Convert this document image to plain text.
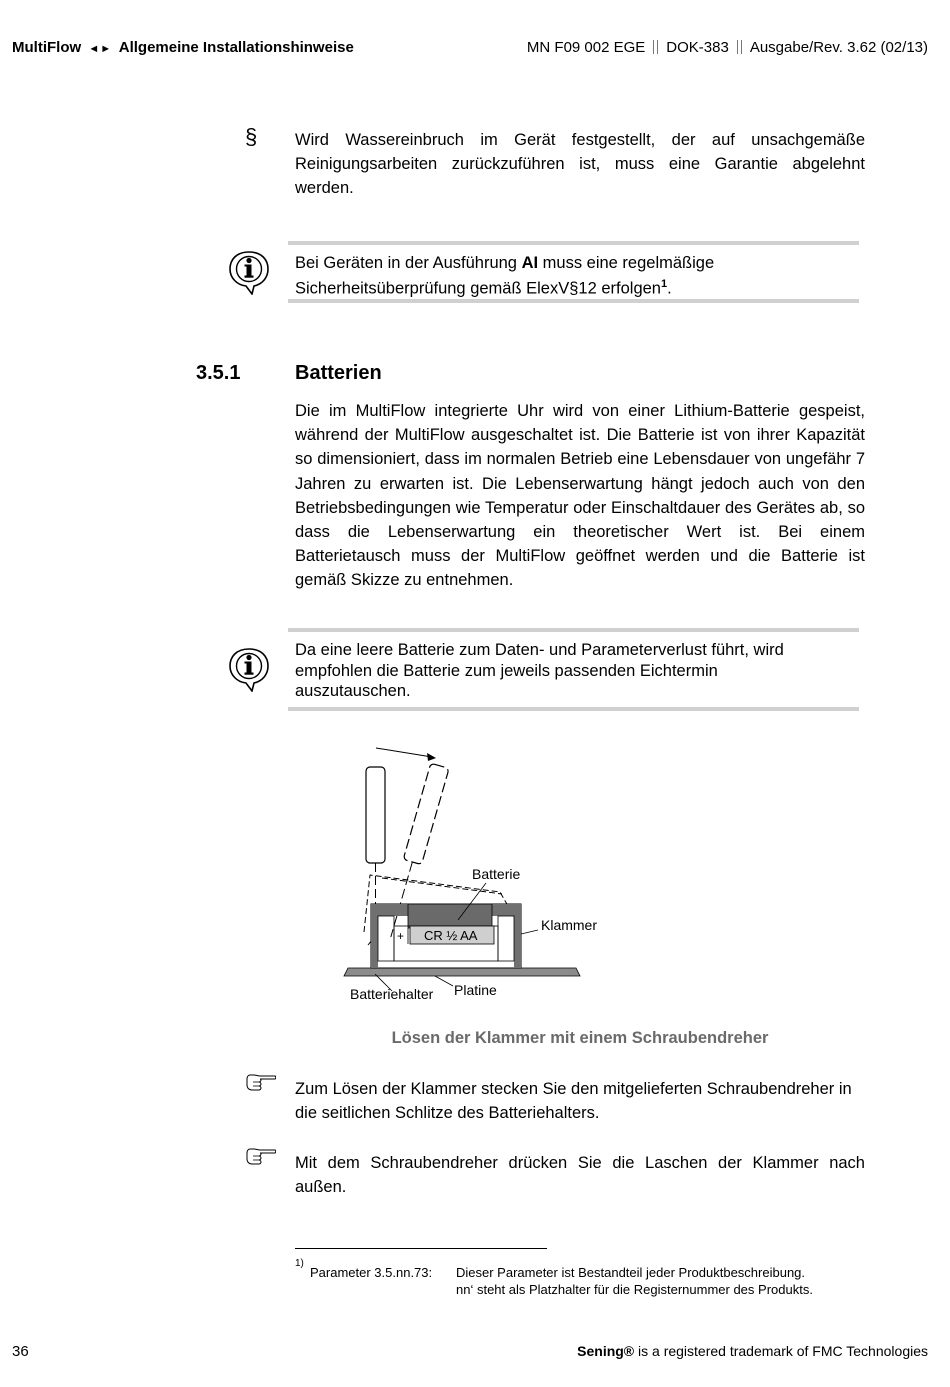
MultiFlow ◄► Allgemeine Installationshinweise	MN F09 002 EGE DOK-383 Ausgabe/Rev. 3.62 (02/13)
§ Wird Wassereinbruch im Gerät festgestellt, der auf unsachgemäße Reinigungsarbeiten zurückzuführen ist, muss eine Garantie abgelehnt werden.
Bei Geräten in der Ausführung AI muss eine regelmäßige
Sicherheitsüberprüfung gemäß ElexV§12 erfolgen$^1$.
3.5.1	Batterien
Die im MultiFlow integrierte Uhr wird von einer Lithium-Batterie gespeist, während der MultiFlow ausgeschaltet ist. Die Batterie ist von ihrer Kapazität so dimensioniert, dass im normalen Betrieb eine Lebensdauer von ungefähr 7 Jahren zu erwarten ist. Die Lebenserwartung hängt jedoch auch von den Betriebsbedingungen wie Temperatur oder Einschaltdauer des Gerätes ab, so dass die Lebenserwartung ein theoretischer Wert ist. Bei einem Batterietausch muss der MultiFlow geöffnet werden und die Batterie ist gemäß Skizze zu entnehmen.
Da eine leere Batterie zum Daten- und Parameterverlust führt, wird
empfohlen die Batterie zum jeweils passenden Eichtermin
auszutauschen.
Batterie
Klammer
CR ½ AA
+
Batteriehalter Platine
Lösen der Klammer mit einem Schraubendreher
Zum Lösen der Klammer stecken Sie den mitgelieferten Schraubendreher in die seitlichen Schlitze des Batteriehalters.
Mit dem Schraubendreher drücken Sie die Laschen der Klammer nach außen.
1)
Parameter 3.5.nn.73: Dieser Parameter ist Bestandteil jeder Produktbeschreibung.
nn‘ steht als Platzhalter für die Registernummer des Produkts.
36	Sening® is a registered trademark of FMC Technologies
